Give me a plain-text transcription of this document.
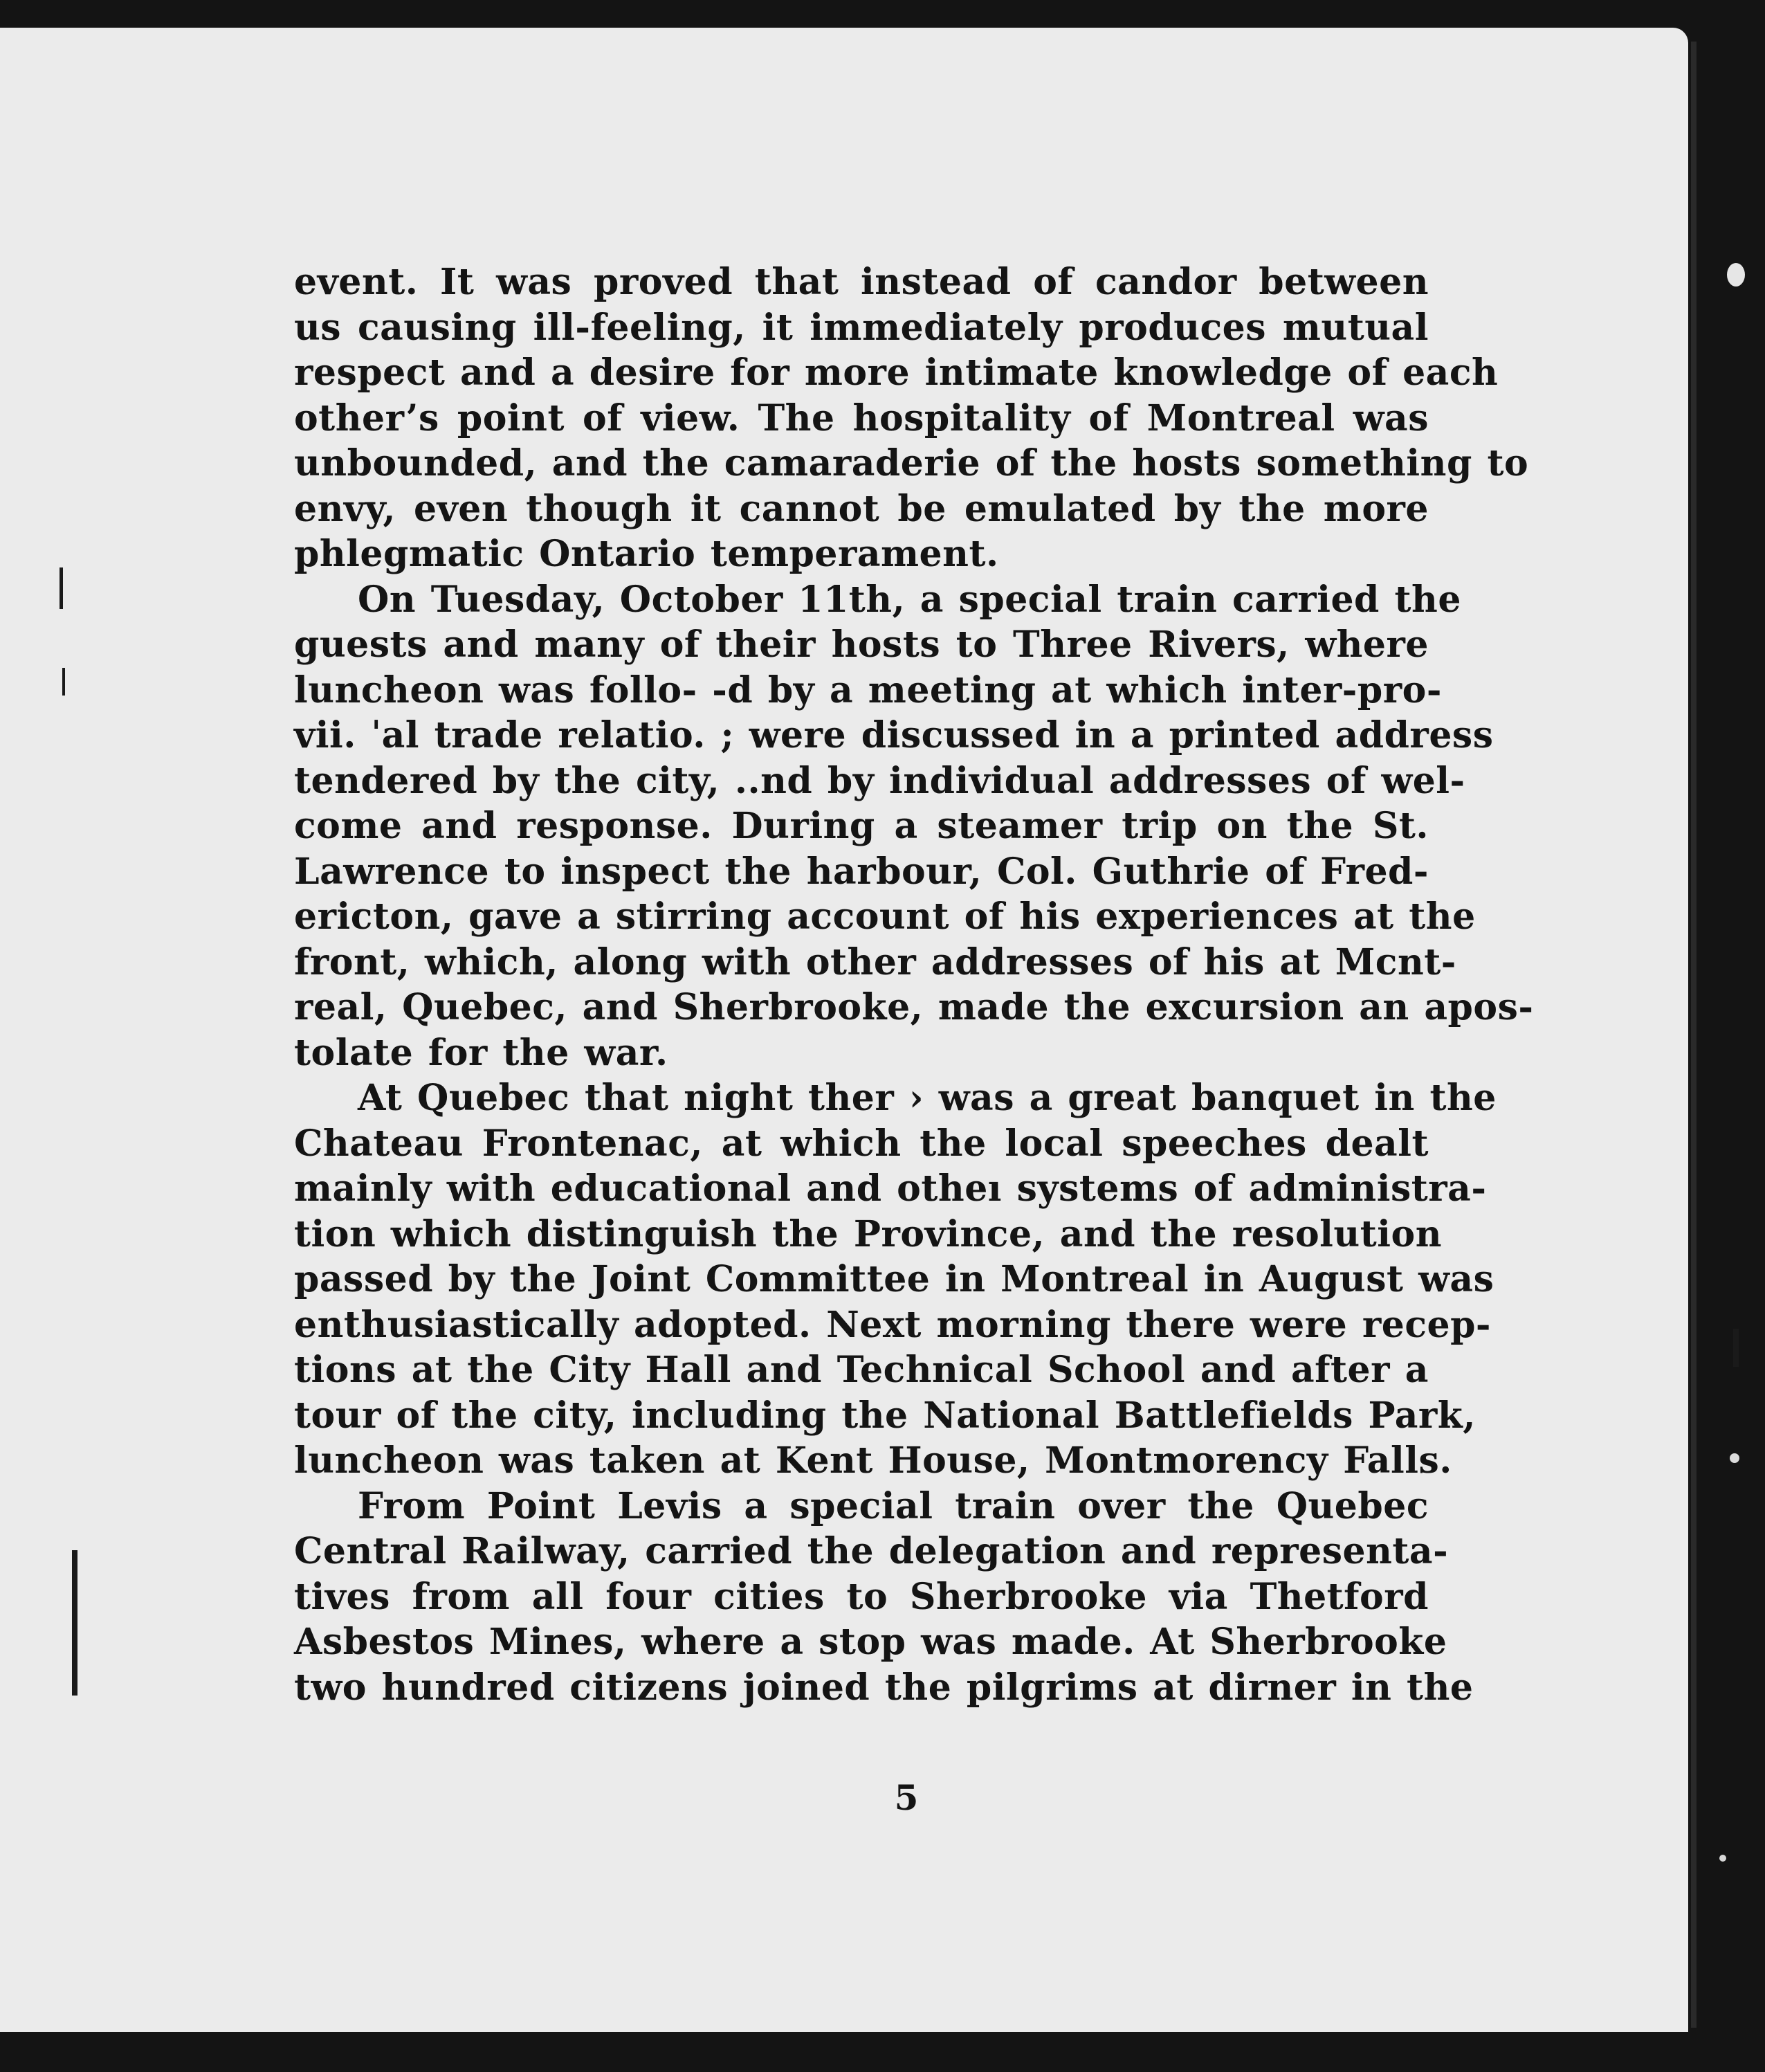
event. It was proved that instead of candor between
us causing ill-feeling, it immediately produces mutual
respect and a desire for more intimate knowledge of each
other’s point of view. The hospitality of Montreal was
unbounded, and the camaraderie of the hosts something to
envy, even though it cannot be emulated by the more
phlegmatic Ontario temperament.

On Tuesday, October 11th, a special train carried the
guests and many of their hosts to Three Rivers, where
luncheon was follo- -d by a meeting at which inter-pro-
vii. ˈal trade relatio. ; were discussed in a printed address
tendered by the city, ..nd by individual addresses of wel-
come and response. During a steamer trip on the St.
Lawrence to inspect the harbour, Col. Guthrie of Fred-
ericton, gave a stirring account of his experiences at the
front, which, along with other addresses of his at Mcnt-
real, Quebec, and Sherbrooke, made the excursion an apos-
tolate for the war.

At Quebec that night ther › was a great banquet in the
Chateau Frontenac, at which the local speeches dealt
mainly with educational and otheı systems of administra-
tion which distinguish the Province, and the resolution
passed by the Joint Committee in Montreal in August was
enthusiastically adopted. Next morning there were recep-
tions at the City Hall and Technical School and after a
tour of the city, including the National Battlefields Park,
luncheon was taken at Kent House, Montmorency Fallꜱ.

From Point Levis a special train over the Quebec
Central Railway, carried the delegation and representa-
tives from all four cities to Sherbrooke via Thetford
Asbestos Mines, where a stop was made. At Sherbrooke
two hundred citizens joined the pilgrims at dirner in the

5
